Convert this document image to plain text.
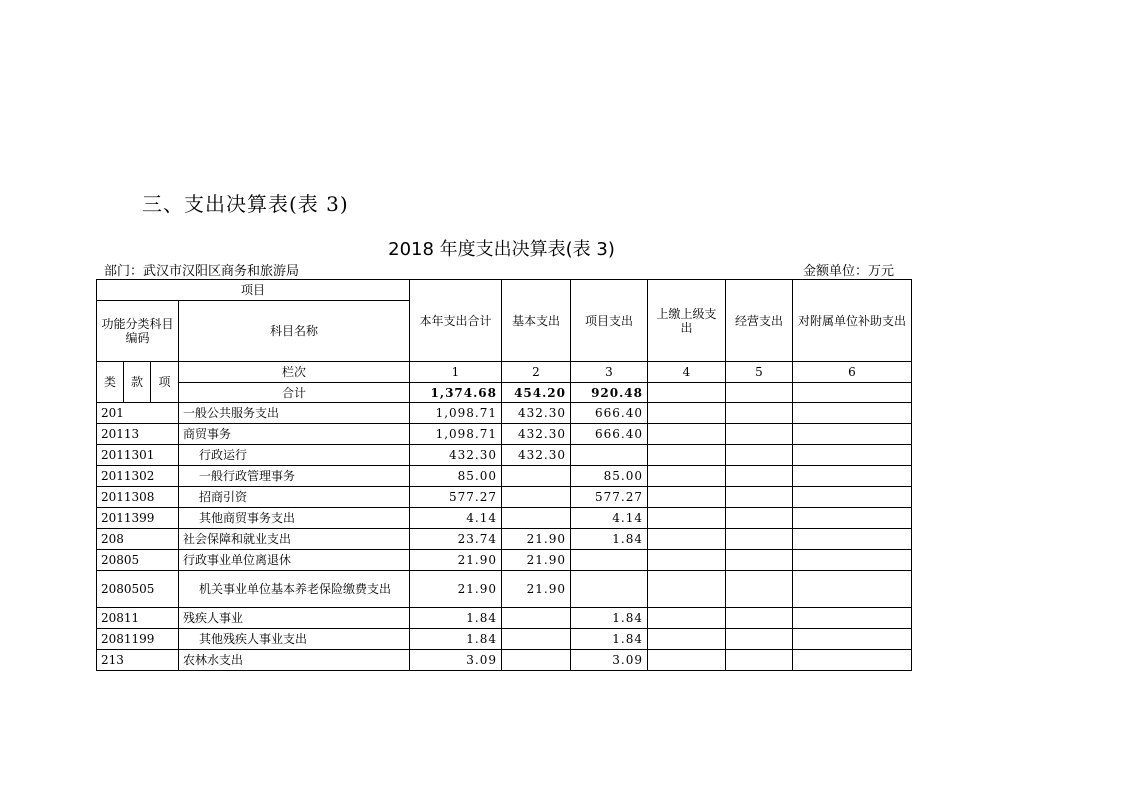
三、支出决算表(表 3)
2018 年度支出决算表(表 3)
部门：武汉市汉阳区商务和旅游局	金额单位：万元
项目				本年支出合计	基本支出	项目支出	上缴上级支出	经营支出	对附属单位补助支出
功能分类科目编码			科目名称						
类	款	项	栏次	1	2	3	4	5	6
			合计	1,374.68	454.20	920.48			
201			一般公共服务支出	1,098.71	432.30	666.40			
20113			商贸事务	1,098.71	432.30	666.40			
2011301			行政运行	432.30	432.30				
2011302			一般行政管理事务	85.00		85.00			
2011308			招商引资	577.27		577.27			
2011399			其他商贸事务支出	4.14		4.14			
208			社会保障和就业支出	23.74	21.90	1.84			
20805			行政事业单位离退休	21.90	21.90				
2080505			机关事业单位基本养老保险缴费支出	21.90	21.90				
20811			残疾人事业	1.84		1.84			
2081199			其他残疾人事业支出	1.84		1.84			
213			农林水支出	3.09		3.09			
